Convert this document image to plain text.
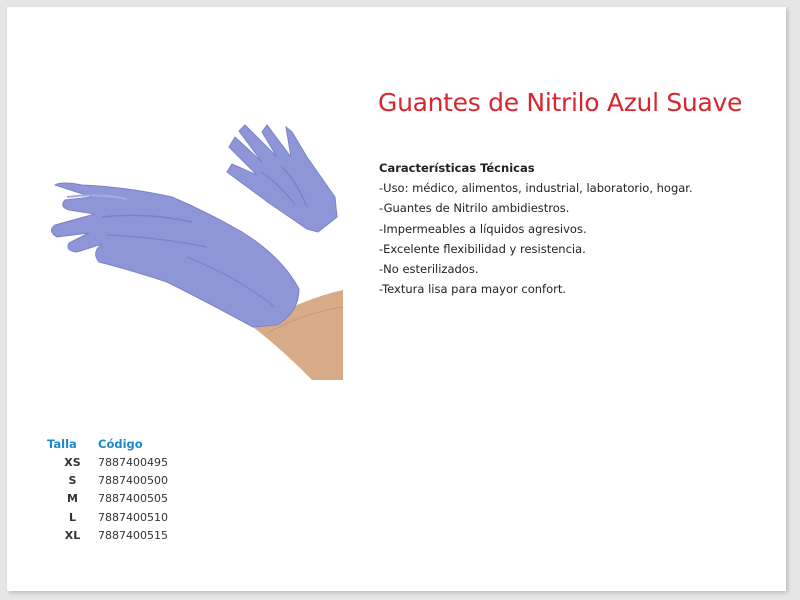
Guantes de Nitrilo Azul Suave
Características Técnicas
-Uso: médico, alimentos, industrial, laboratorio, hogar.
-Guantes de Nitrilo ambidiestros.
-Impermeables a líquidos agresivos.
-Excelente flexibilidad y resistencia.
-No esterilizados.
-Textura lisa para mayor confort.
Talla	Código
XS	7887400495
S	7887400500
M	7887400505
L	7887400510
XL	7887400515
